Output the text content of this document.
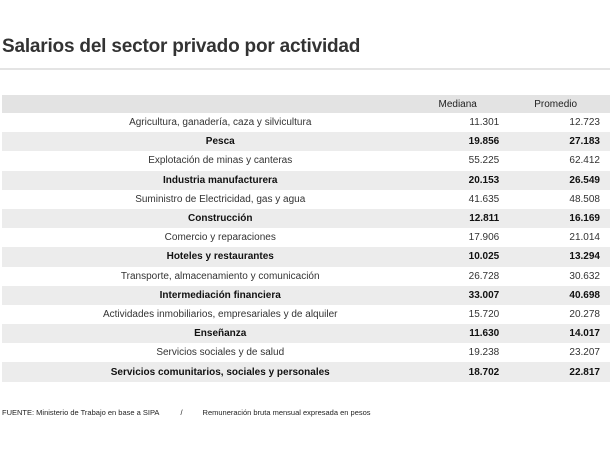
Salarios del sector privado por actividad
	Mediana	Promedio
Agricultura, ganadería, caza y silvicultura	11.301	12.723
Pesca	19.856	27.183
Explotación de minas y canteras	55.225	62.412
Industria manufacturera	20.153	26.549
Suministro de Electricidad, gas y agua	41.635	48.508
Construcción	12.811	16.169
Comercio y reparaciones	17.906	21.014
Hoteles y restaurantes	10.025	13.294
Transporte, almacenamiento y comunicación	26.728	30.632
Intermediación financiera	33.007	40.698
Actividades inmobiliarios, empresariales y de alquiler	15.720	20.278
Enseñanza	11.630	14.017
Servicios sociales y de salud	19.238	23.207
Servicios comunitarios, sociales y personales	18.702	22.817
FUENTE: Ministerio de Trabajo en base a SIPA	/	Remuneración bruta mensual expresada en pesos
